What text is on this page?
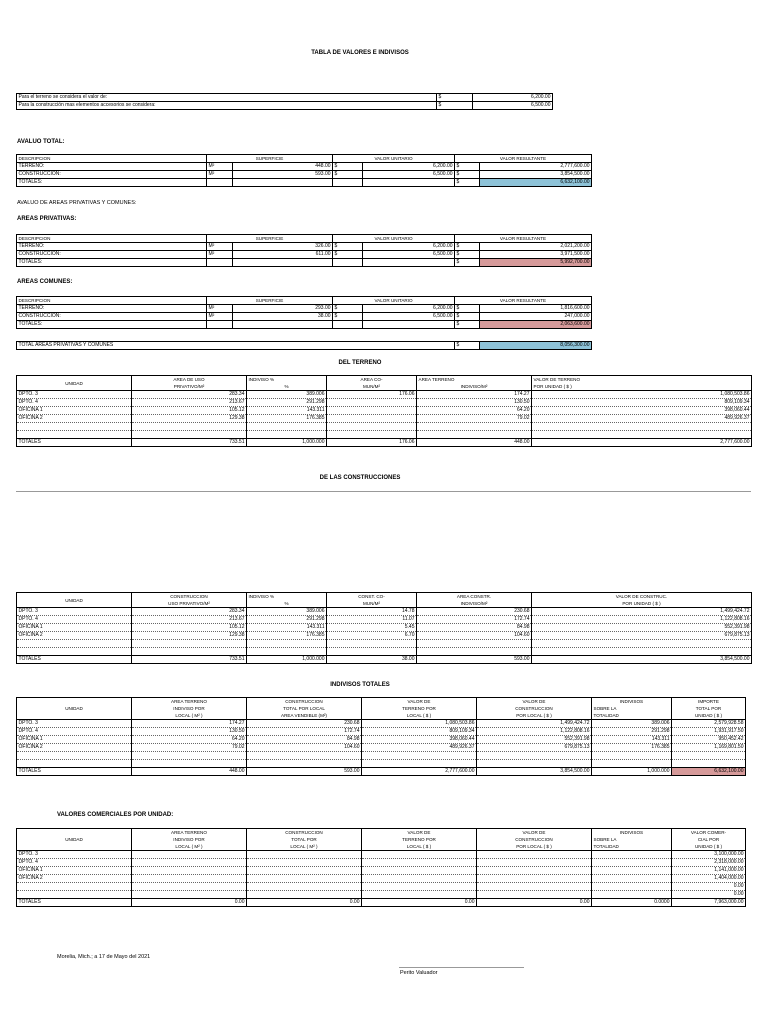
TABLA DE VALORES E INDIVISOS
Para el terreno se considera el valor de:	$	6,200.00
Para la construcción mas elementos accesorios se considera:	$	6,500.00
AVALUO TOTAL:
DESCRIPCION	SUPERFICIE		VALOR UNITARIO		VALOR RESULTANTE	
TERRENO:	M²	448.00	$	6,200.00	$	2,777,600.00
CONSTRUCCION:	M²	593.00	$	6,500.00	$	3,854,500.00
TOTALES:					$	6,632,100.00
AVALUO DE AREAS PRIVATIVAS Y COMUNES:
AREAS PRIVATIVAS:
DESCRIPCION	SUPERFICIE		VALOR UNITARIO		VALOR RESULTANTE	
TERRENO:	M²	326.00	$	6,200.00	$	2,021,200.00
CONSTRUCCION:	M²	611.00	$	6,500.00	$	3,971,500.00
TOTALES:					$	5,992,700.00
AREAS COMUNES:
DESCRIPCION	SUPERFICIE		VALOR UNITARIO		VALOR RESULTANTE	
TERRENO:	M²	293.00	$	6,200.00	$	1,816,600.00
CONSTRUCCION:	M²	38.00	$	6,500.00	$	247,000.00
TOTALES:					$	2,063,600.00
TOTAL AREAS PRIVATIVAS Y COMUNES	$	8,056,300.00
DEL TERRENO
UNIDAD	AREA DE USO	INDIVISO %	AREA CO-	AREA TERRENO	VALOR DE TERRENO
	PRIVATIVO/M²	%	MUN/M²	INDIVISO/M²	POR UNIDAD ( $ )
DPTO. 3	283.34	389.006	176.06	174.27	1,080,503.86
DPTO. 4	213.67	291.298		130.50	809,109.34
OFICINA 1	105.12	143.311		64.20	398,060.44
OFICINA 2	129.38	176.385		79.02	489,926.37

TOTALES	733.51	1,000.000	176.06	448.00	2,777,600.00
DE LAS CONSTRUCCIONES
UNIDAD	CONSTRUCCION	INDIVISO %	CONST. CO-	AREA CONSTR.	VALOR DE CONSTRUC.
	USO PRIVATIVO/M²	%	MUN/M²	INDIVISO/M²	POR UNIDAD ( $ )
DPTO. 3	283.34	389.006	14.78	230.68	1,499,424.72
DPTO. 4	213.67	291.298	11.07	172.74	1,122,808.16
OFICINA 1	105.12	143.311	5.45	84.98	552,391.98
OFICINA 2	129.38	176.385	6.70	104.60	679,875.13

TOTALES	733.51	1,000.000	38.00	593.00	3,854,500.00
INDIVISOS TOTALES
UNIDAD	AREA TERRENO	CONSTRUCCION	VALOR DE	VALOR DE	INDIVISOS	IMPORTE
	INDIVISO POR	TOTAL POR LOCAL	TERRENO POR	CONSTRUCCION	SOBRE LA	TOTAL POR
	LOCAL ( M² )	AREA VENDIBLE (M²)	LOCAL ( $ )	POR LOCAL ( $ )	TOTALIDAD	UNIDAD ( $ )
DPTO. 3	174.27	230.68	1,080,503.86	1,499,424.72	389.006	2,579,928.58
DPTO. 4	130.50	172.74	809,109.34	1,122,808.16	291.298	1,931,917.50
OFICINA 1	64.20	84.98	398,060.44	552,391.98	143.311	950,452.42
OFICINA 2	79.02	104.60	489,926.37	679,875.13	176.385	1,169,801.50

TOTALES	448.00	593.00	2,777,600.00	3,854,500.00	1,000.000	6,632,100.00
VALORES COMERCIALES POR UNIDAD:
UNIDAD	AREA TERRENO	CONSTRUCCION	VALOR DE	VALOR DE	INDIVISOS	VALOR COMER-
	INDIVISO POR	TOTAL POR	TERRENO POR	CONSTRUCCION	SOBRE LA	CIAL POR
	LOCAL ( M² )	LOCAL ( M² )	LOCAL ( $ )	POR LOCAL ( $ )	TOTALIDAD	UNIDAD ( $ )
DPTO. 3						3,100,000.00
DPTO. 4						2,318,000.00
OFICINA 1						1,141,000.00
OFICINA 2						1,404,000.00
						0.00
						0.00
TOTALES	0.00	0.00	0.00	0.00	0.0000	7,963,000.00
Morelia, Mich.; a 17 de Mayo del 2021
Perito Valuador
